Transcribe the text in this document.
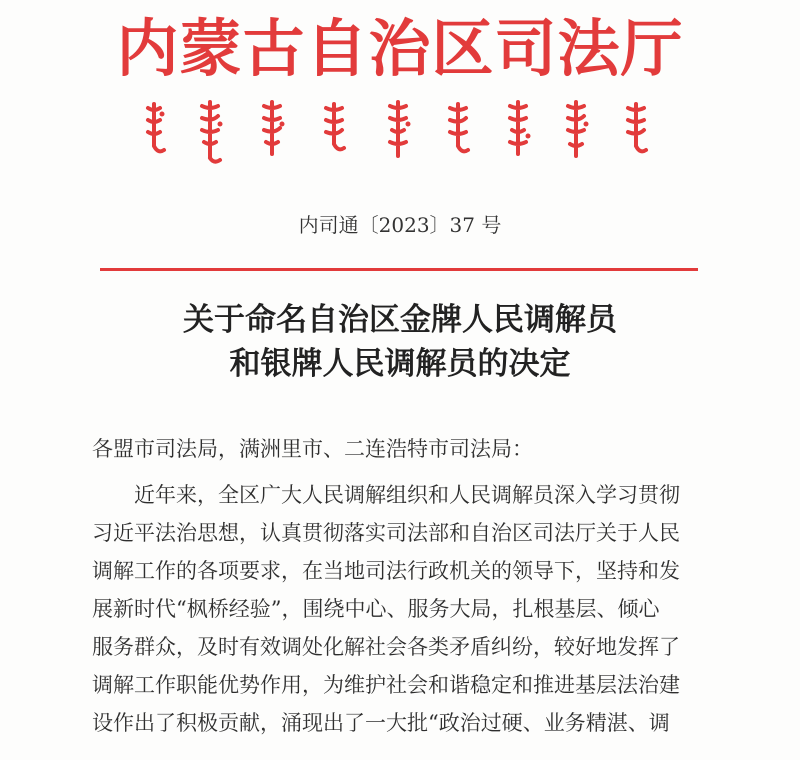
内蒙古自治区司法厅
内司通〔2023〕37 号
关于命名自治区金牌人民调解员
和银牌人民调解员的决定
各盟市司法局，满洲里市、二连浩特市司法局：
近年来，全区广大人民调解组织和人民调解员深入学习贯彻
习近平法治思想，认真贯彻落实司法部和自治区司法厅关于人民
调解工作的各项要求，在当地司法行政机关的领导下，坚持和发
展新时代“枫桥经验”，围绕中心、服务大局，扎根基层、倾心
服务群众，及时有效调处化解社会各类矛盾纠纷，较好地发挥了
调解工作职能优势作用，为维护社会和谐稳定和推进基层法治建
设作出了积极贡献，涌现出了一大批“政治过硬、业务精湛、调
